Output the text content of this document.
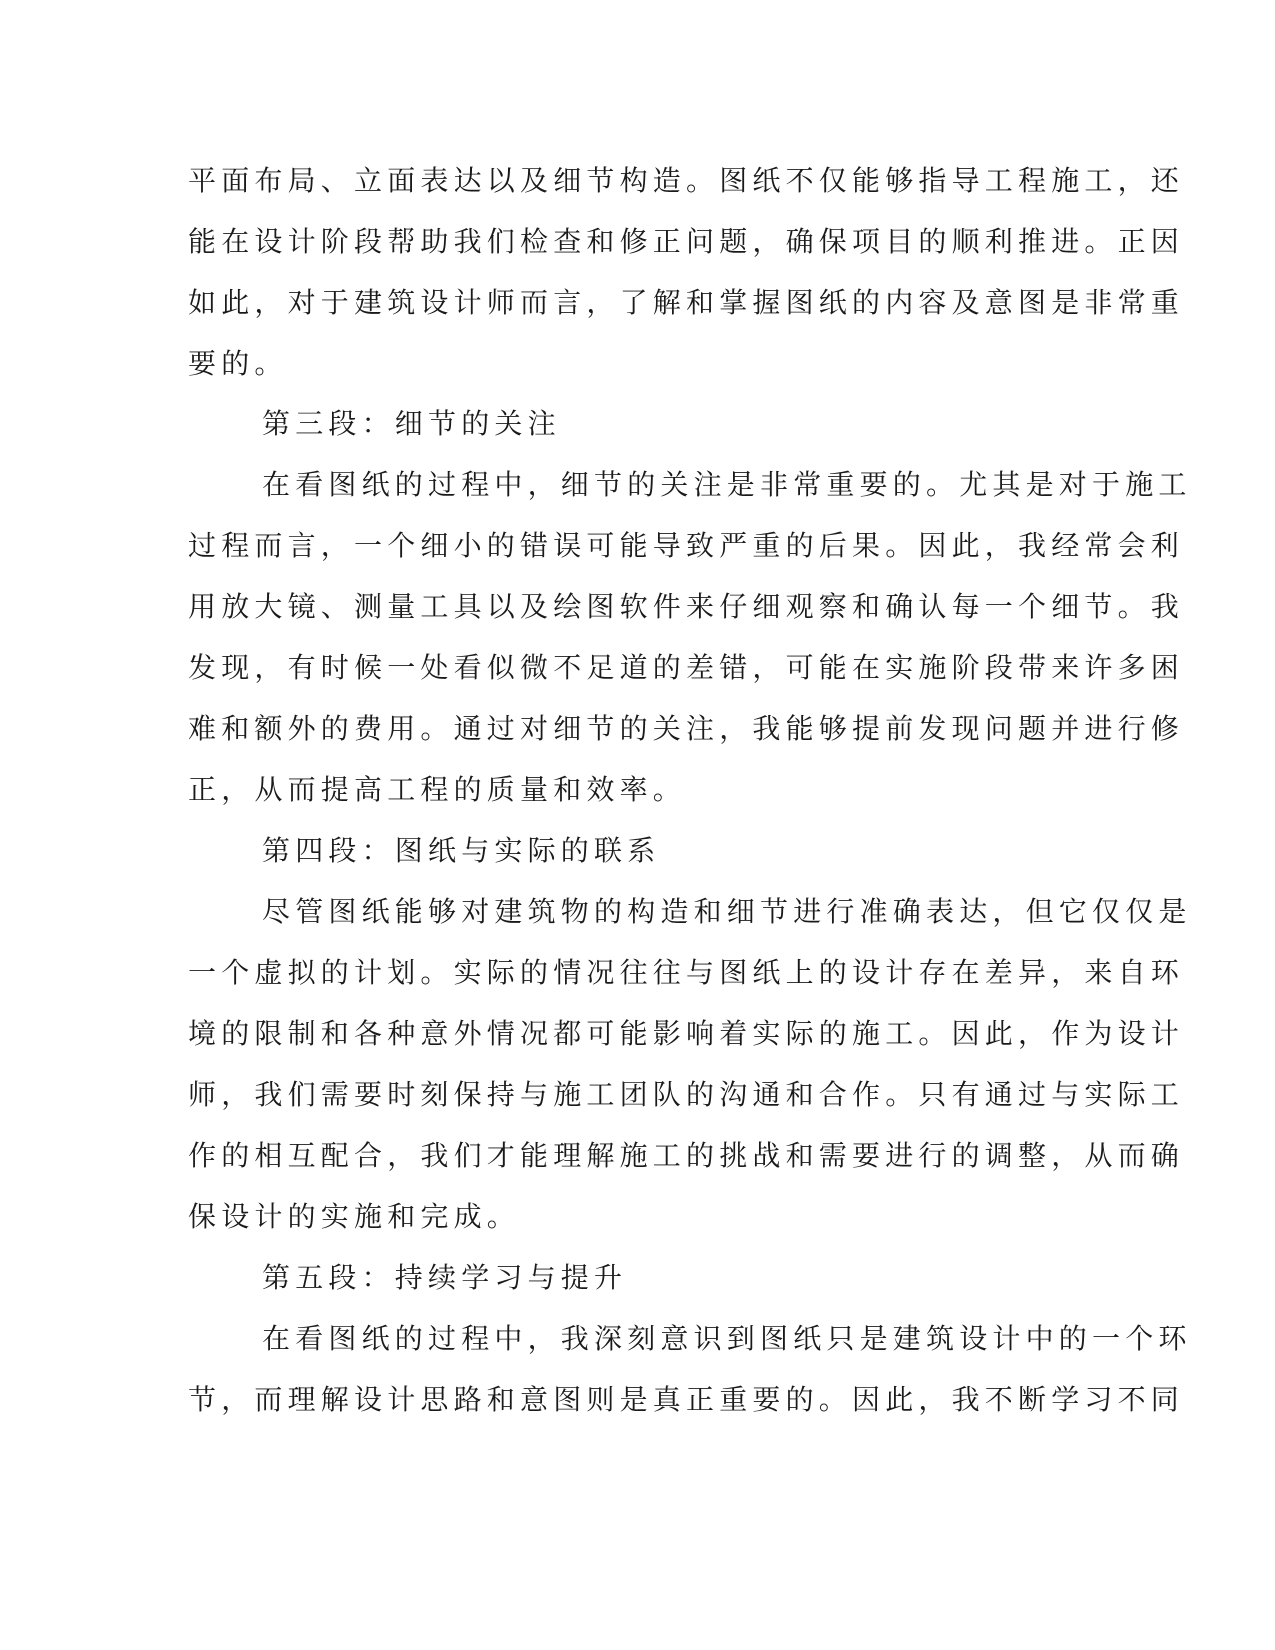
平面布局、立面表达以及细节构造。图纸不仅能够指导工程施工，还

能在设计阶段帮助我们检查和修正问题，确保项目的顺利推进。正因

如此，对于建筑设计师而言，了解和掌握图纸的内容及意图是非常重

要的。

第三段：细节的关注

在看图纸的过程中，细节的关注是非常重要的。尤其是对于施工

过程而言，一个细小的错误可能导致严重的后果。因此，我经常会利

用放大镜、测量工具以及绘图软件来仔细观察和确认每一个细节。我

发现，有时候一处看似微不足道的差错，可能在实施阶段带来许多困

难和额外的费用。通过对细节的关注，我能够提前发现问题并进行修

正，从而提高工程的质量和效率。

第四段：图纸与实际的联系

尽管图纸能够对建筑物的构造和细节进行准确表达，但它仅仅是

一个虚拟的计划。实际的情况往往与图纸上的设计存在差异，来自环

境的限制和各种意外情况都可能影响着实际的施工。因此，作为设计

师，我们需要时刻保持与施工团队的沟通和合作。只有通过与实际工

作的相互配合，我们才能理解施工的挑战和需要进行的调整，从而确

保设计的实施和完成。

第五段：持续学习与提升

在看图纸的过程中，我深刻意识到图纸只是建筑设计中的一个环

节，而理解设计思路和意图则是真正重要的。因此，我不断学习不同
